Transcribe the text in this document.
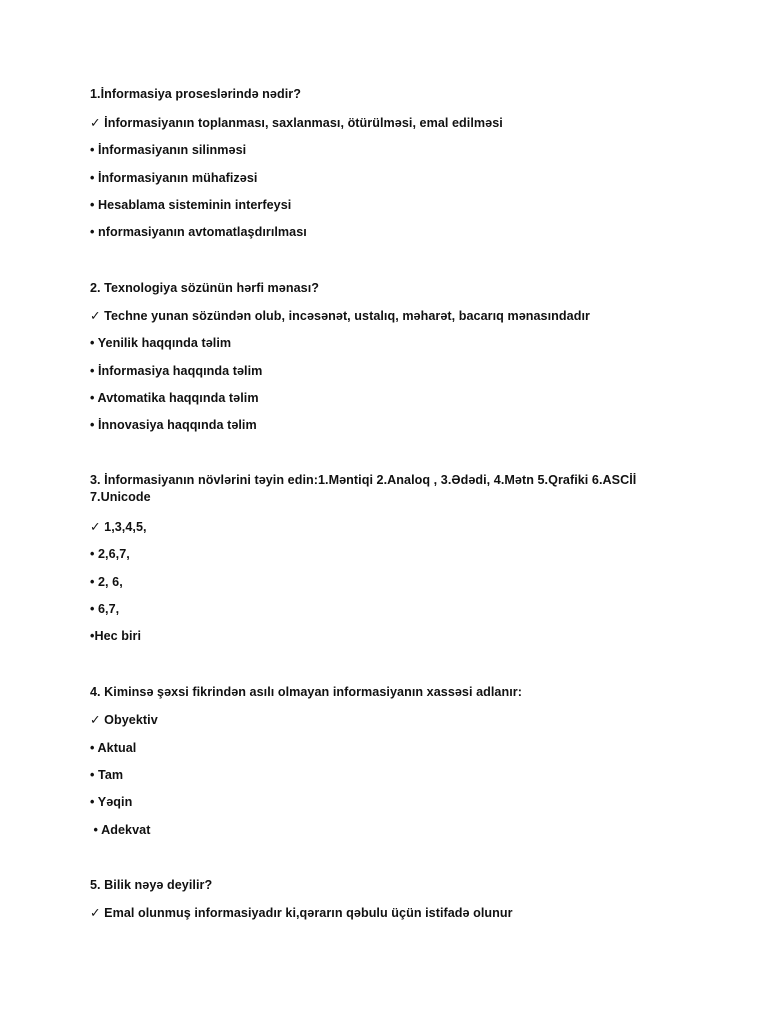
1.İnformasiya proseslərində nədir?
✓ İnformasiyanın toplanması, saxlanması, ötürülməsi, emal edilməsi
• İnformasiyanın silinməsi
• İnformasiyanın mühafizəsi
• Hesablama sisteminin interfeysi
• nformasiyanın avtomatlaşdırılması
2. Texnologiya sözünün hərfi mənası?
✓ Techne yunan sözündən olub, incəsənət, ustalıq, məharət, bacarıq mənasındadır
• Yenilik haqqında təlim
• İnformasiya haqqında təlim
• Avtomatika haqqında təlim
• İnnovasiya haqqında təlim
3. İnformasiyanın növlərini təyin edin:1.Məntiqi 2.Analoq , 3.Ədədi, 4.Mətn 5.Qrafiki 6.ASCİİ 7.Unicode
✓ 1,3,4,5,
• 2,6,7,
• 2, 6,
• 6,7,
•Hec biri
4. Kiminsə şəxsi fikrindən asılı olmayan informasiyanın xassəsi adlanır:
✓ Obyektiv
• Aktual
• Tam
• Yəqin
• Adekvat
5. Bilik nəyə deyilir?
✓ Emal olunmuş informasiyadır ki,qərarın qəbulu üçün istifadə olunur
